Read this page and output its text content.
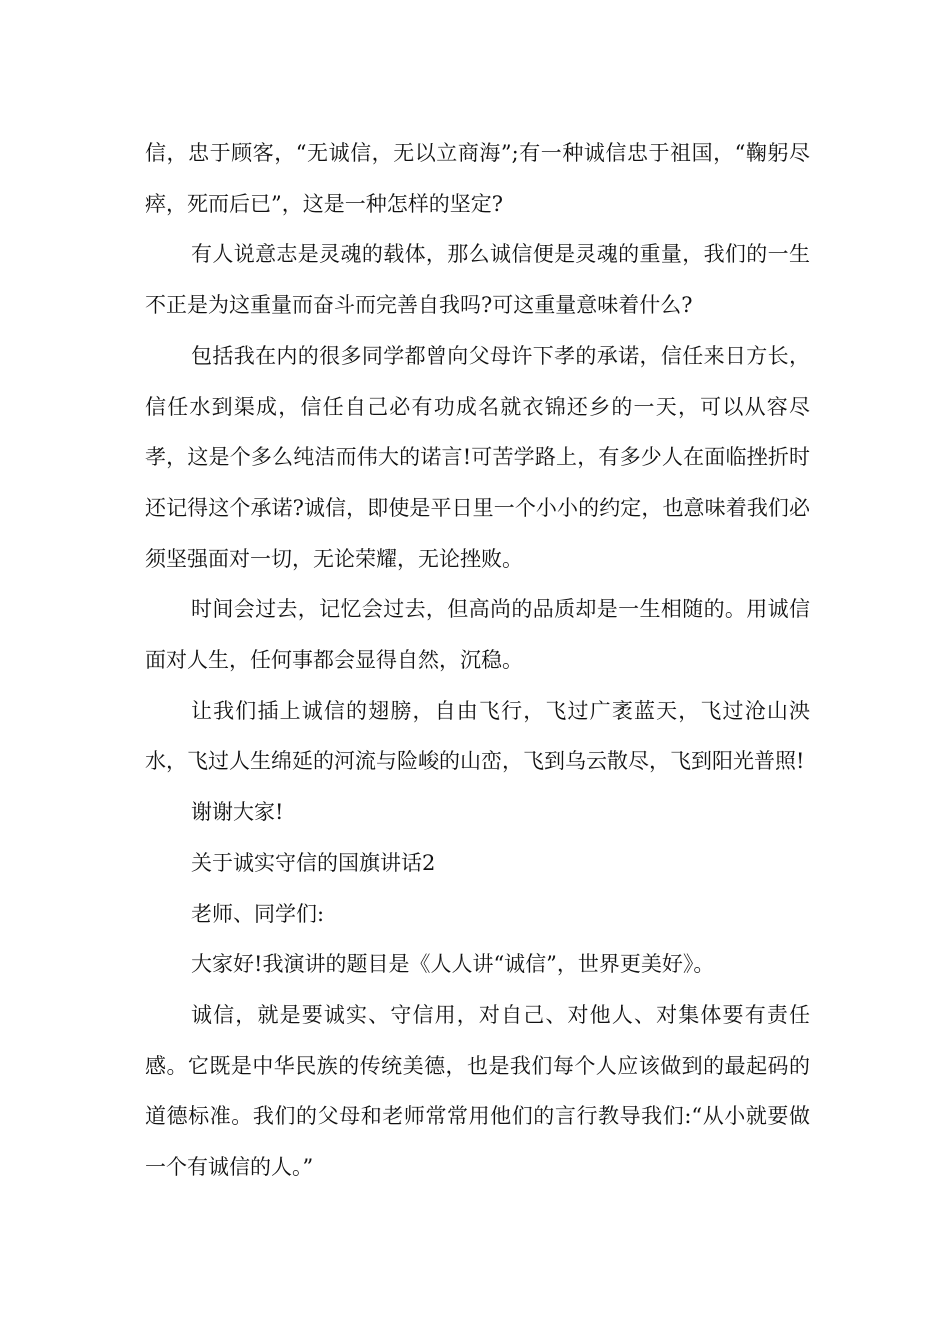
信，忠于顾客，“无诚信，无以立商海”;有一种诚信忠于祖国，“鞠躬尽瘁，死而后已”，这是一种怎样的坚定?

有人说意志是灵魂的载体，那么诚信便是灵魂的重量，我们的一生不正是为这重量而奋斗而完善自我吗?可这重量意味着什么?

包括我在内的很多同学都曾向父母许下孝的承诺，信任来日方长，信任水到渠成，信任自己必有功成名就衣锦还乡的一天，可以从容尽孝，这是个多么纯洁而伟大的诺言!可苦学路上，有多少人在面临挫折时还记得这个承诺?诚信，即使是平日里一个小小的约定，也意味着我们必须坚强面对一切，无论荣耀，无论挫败。

时间会过去，记忆会过去，但高尚的品质却是一生相随的。用诚信面对人生，任何事都会显得自然，沉稳。

让我们插上诚信的翅膀，自由飞行，飞过广袤蓝天，飞过沧山泱水，飞过人生绵延的河流与险峻的山峦，飞到乌云散尽，飞到阳光普照!

谢谢大家!

关于诚实守信的国旗讲话2

老师、同学们:

大家好!我演讲的题目是《人人讲“诚信”，世界更美好》。

诚信，就是要诚实、守信用，对自己、对他人、对集体要有责任感。它既是中华民族的传统美德，也是我们每个人应该做到的最起码的道德标准。我们的父母和老师常常用他们的言行教导我们:“从小就要做一个有诚信的人。”
